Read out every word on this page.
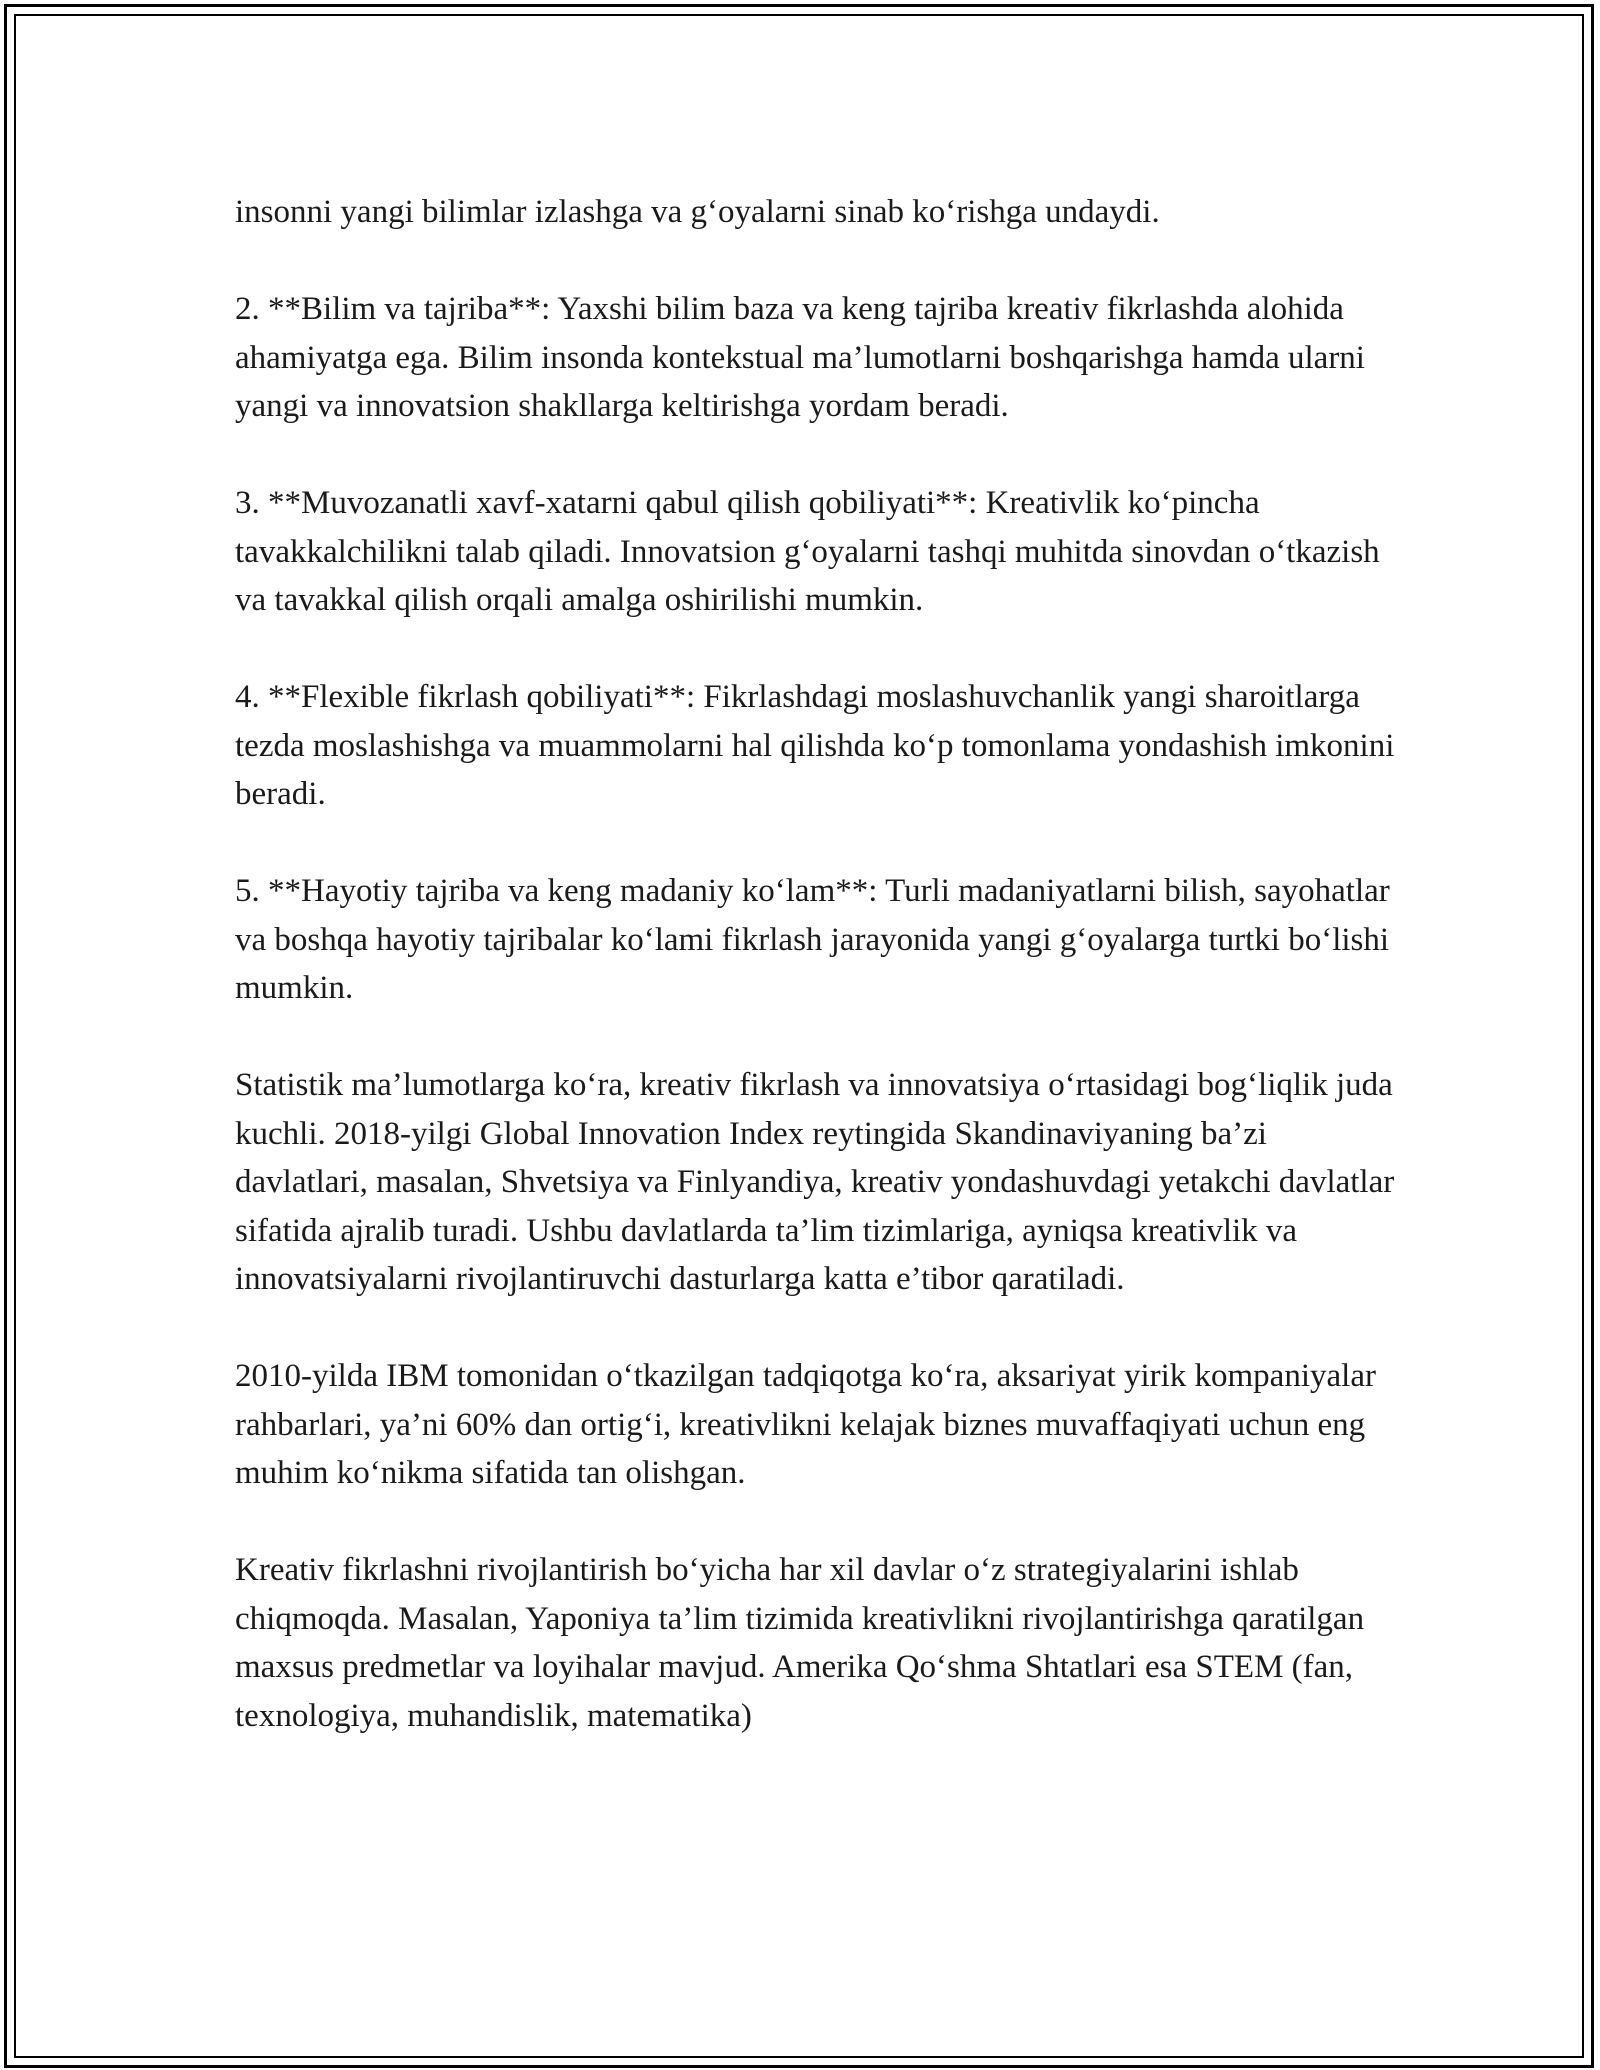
insonni yangi bilimlar izlashga va g‘oyalarni sinab ko‘rishga undaydi.

2. **Bilim va tajriba**: Yaxshi bilim baza va keng tajriba kreativ fikrlashda alohida ahamiyatga ega. Bilim insonda kontekstual ma’lumotlarni boshqarishga hamda ularni yangi va innovatsion shakllarga keltirishga yordam beradi.

3. **Muvozanatli xavf-xatarni qabul qilish qobiliyati**: Kreativlik ko‘pincha tavakkalchilikni talab qiladi. Innovatsion g‘oyalarni tashqi muhitda sinovdan o‘tkazish va tavakkal qilish orqali amalga oshirilishi mumkin.

4. **Flexible fikrlash qobiliyati**: Fikrlashdagi moslashuvchanlik yangi sharoitlarga tezda moslashishga va muammolarni hal qilishda ko‘p tomonlama yondashish imkonini beradi.

5. **Hayotiy tajriba va keng madaniy ko‘lam**: Turli madaniyatlarni bilish, sayohatlar va boshqa hayotiy tajribalar ko‘lami fikrlash jarayonida yangi g‘oyalarga turtki bo‘lishi mumkin.

Statistik ma’lumotlarga ko‘ra, kreativ fikrlash va innovatsiya o‘rtasidagi bog‘liqlik juda kuchli. 2018-yilgi Global Innovation Index reytingida Skandinaviyaning ba’zi davlatlari, masalan, Shvetsiya va Finlyandiya, kreativ yondashuvdagi yetakchi davlatlar sifatida ajralib turadi. Ushbu davlatlarda ta’lim tizimlariga, ayniqsa kreativlik va innovatsiyalarni rivojlantiruvchi dasturlarga katta e’tibor qaratiladi.

2010-yilda IBM tomonidan o‘tkazilgan tadqiqotga ko‘ra, aksariyat yirik kompaniyalar rahbarlari, ya’ni 60% dan ortig‘i, kreativlikni kelajak biznes muvaffaqiyati uchun eng muhim ko‘nikma sifatida tan olishgan.

Kreativ fikrlashni rivojlantirish bo‘yicha har xil davlar o‘z strategiyalarini ishlab chiqmoqda. Masalan, Yaponiya ta’lim tizimida kreativlikni rivojlantirishga qaratilgan maxsus predmetlar va loyihalar mavjud. Amerika Qo‘shma Shtatlari esa STEM (fan, texnologiya, muhandislik, matematika)
